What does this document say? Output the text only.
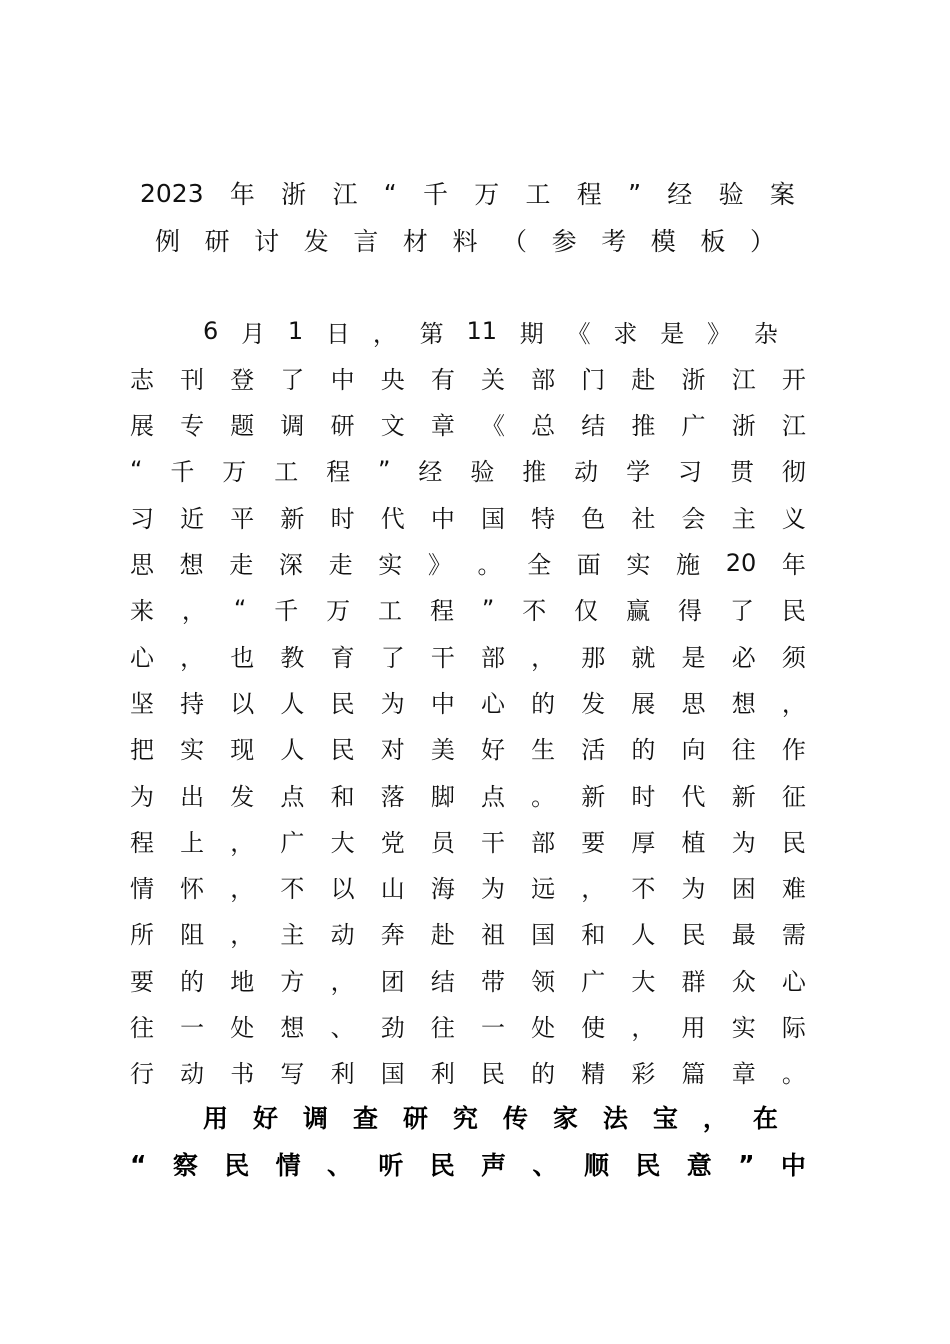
2023 年 浙 江 “ 千 万 工 程 ” 经 验 案
例 研 讨 发 言 材 料 （ 参 考 模 板 ）
6 月 1 日 ， 第 11 期 《 求 是 》 杂
志 刊 登 了 中 央 有 关 部 门 赴 浙 江 开
展 专 题 调 研 文 章 《 总 结 推 广 浙 江
“ 千 万 工 程 ” 经 验 推 动 学 习 贯 彻
习 近 平 新 时 代 中 国 特 色 社 会 主 义
思 想 走 深 走 实 》 。 全 面 实 施 20 年
来 ， “ 千 万 工 程 ” 不 仅 赢 得 了 民
心 ， 也 教 育 了 干 部 ， 那 就 是 必 须
坚 持 以 人 民 为 中 心 的 发 展 思 想 ，
把 实 现 人 民 对 美 好 生 活 的 向 往 作
为 出 发 点 和 落 脚 点 。 新 时 代 新 征
程 上 ， 广 大 党 员 干 部 要 厚 植 为 民
情 怀 ， 不 以 山 海 为 远 ， 不 为 困 难
所 阻 ， 主 动 奔 赴 祖 国 和 人 民 最 需
要 的 地 方 ， 团 结 带 领 广 大 群 众 心
往 一 处 想 、 劲 往 一 处 使 ， 用 实 际
行 动 书 写 利 国 利 民 的 精 彩 篇 章 。
用 好 调 查 研 究 传 家 法 宝 ， 在
“ 察 民 情 、 听 民 声 、 顺 民 意 ” 中
